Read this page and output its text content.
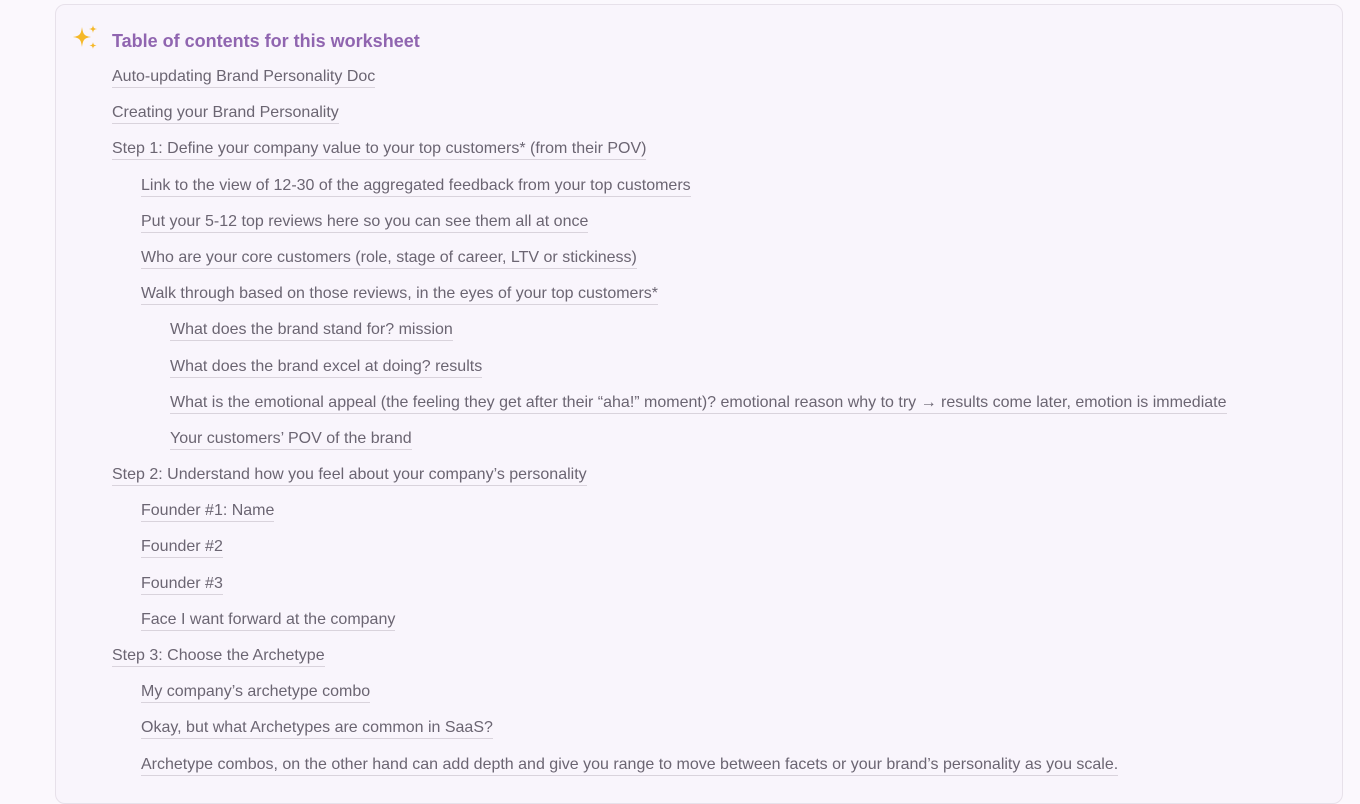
Table of contents for this worksheet
Auto-updating Brand Personality Doc
Creating your Brand Personality
Step 1: Define your company value to your top customers* (from their POV)
Link to the view of 12-30 of the aggregated feedback from your top customers
Put your 5-12 top reviews here so you can see them all at once
Who are your core customers (role, stage of career, LTV or stickiness)
Walk through based on those reviews, in the eyes of your top customers*
What does the brand stand for? mission
What does the brand excel at doing? results
What is the emotional appeal (the feeling they get after their “aha!” moment)? emotional reason why to try → results come later, emotion is immediate
Your customers’ POV of the brand
Step 2: Understand how you feel about your company’s personality
Founder #1: Name
Founder #2
Founder #3
Face I want forward at the company
Step 3: Choose the Archetype
My company’s archetype combo
Okay, but what Archetypes are common in SaaS?
Archetype combos, on the other hand can add depth and give you range to move between facets or your brand’s personality as you scale.
